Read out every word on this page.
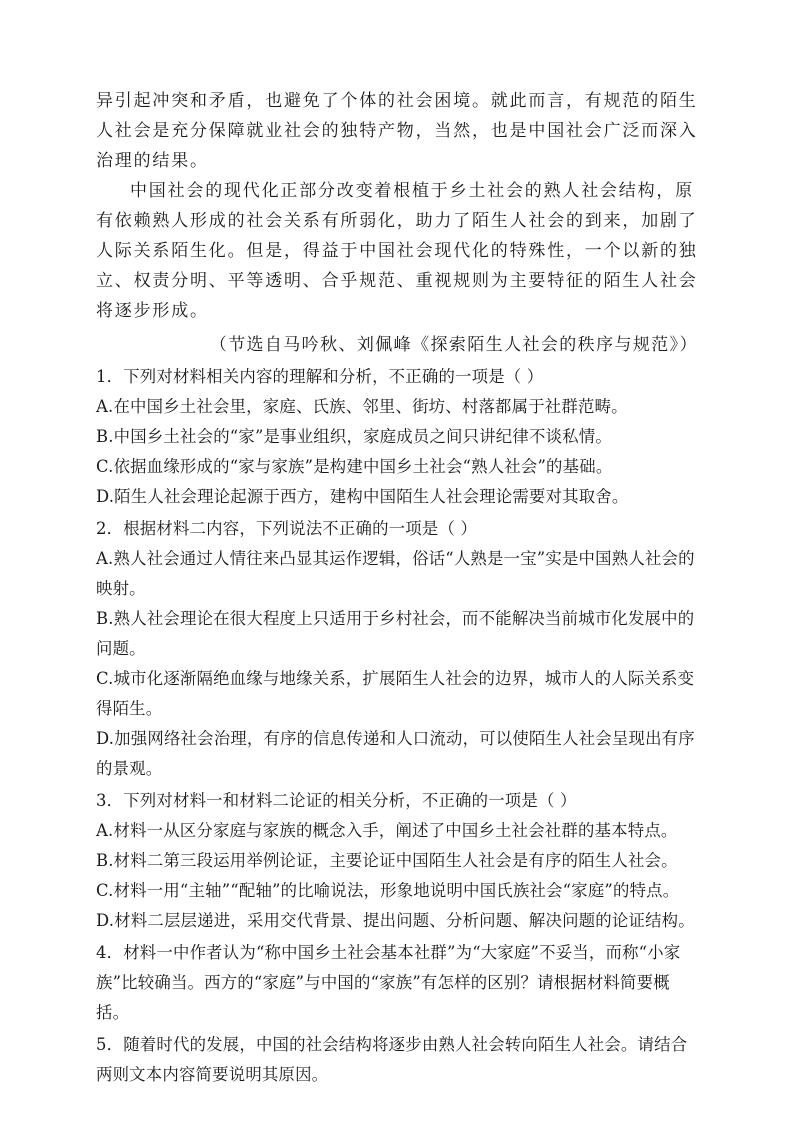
异引起冲突和矛盾，也避免了个体的社会困境。就此而言，有规范的陌生人社会是充分保障就业社会的独特产物，当然，也是中国社会广泛而深入治理的结果。

中国社会的现代化正部分改变着根植于乡土社会的熟人社会结构，原有依赖熟人形成的社会关系有所弱化，助力了陌生人社会的到来，加剧了人际关系陌生化。但是，得益于中国社会现代化的特殊性，一个以新的独立、权责分明、平等透明、合乎规范、重视规则为主要特征的陌生人社会将逐步形成。

（节选自马吟秋、刘佩峰《探索陌生人社会的秩序与规范》）

1．下列对材料相关内容的理解和分析，不正确的一项是（ ）

A.在中国乡土社会里，家庭、氏族、邻里、街坊、村落都属于社群范畴。

B.中国乡土社会的“家”是事业组织，家庭成员之间只讲纪律不谈私情。

C.依据血缘形成的“家与家族”是构建中国乡土社会“熟人社会”的基础。

D.陌生人社会理论起源于西方，建构中国陌生人社会理论需要对其取舍。

2．根据材料二内容，下列说法不正确的一项是（ ）

A.熟人社会通过人情往来凸显其运作逻辑，俗话“人熟是一宝”实是中国熟人社会的映射。

B.熟人社会理论在很大程度上只适用于乡村社会，而不能解决当前城市化发展中的问题。

C.城市化逐渐隔绝血缘与地缘关系，扩展陌生人社会的边界，城市人的人际关系变得陌生。

D.加强网络社会治理，有序的信息传递和人口流动，可以使陌生人社会呈现出有序的景观。

3．下列对材料一和材料二论证的相关分析，不正确的一项是（ ）

A.材料一从区分家庭与家族的概念入手，阐述了中国乡土社会社群的基本特点。

B.材料二第三段运用举例论证，主要论证中国陌生人社会是有序的陌生人社会。

C.材料一用“主轴”“配轴”的比喻说法，形象地说明中国氏族社会“家庭”的特点。

D.材料二层层递进，采用交代背景、提出问题、分析问题、解决问题的论证结构。

4．材料一中作者认为“称中国乡土社会基本社群”为“大家庭”不妥当，而称“小家族”比较确当。西方的“家庭”与中国的“家族”有怎样的区别？请根据材料简要概括。

5．随着时代的发展，中国的社会结构将逐步由熟人社会转向陌生人社会。请结合两则文本内容简要说明其原因。
